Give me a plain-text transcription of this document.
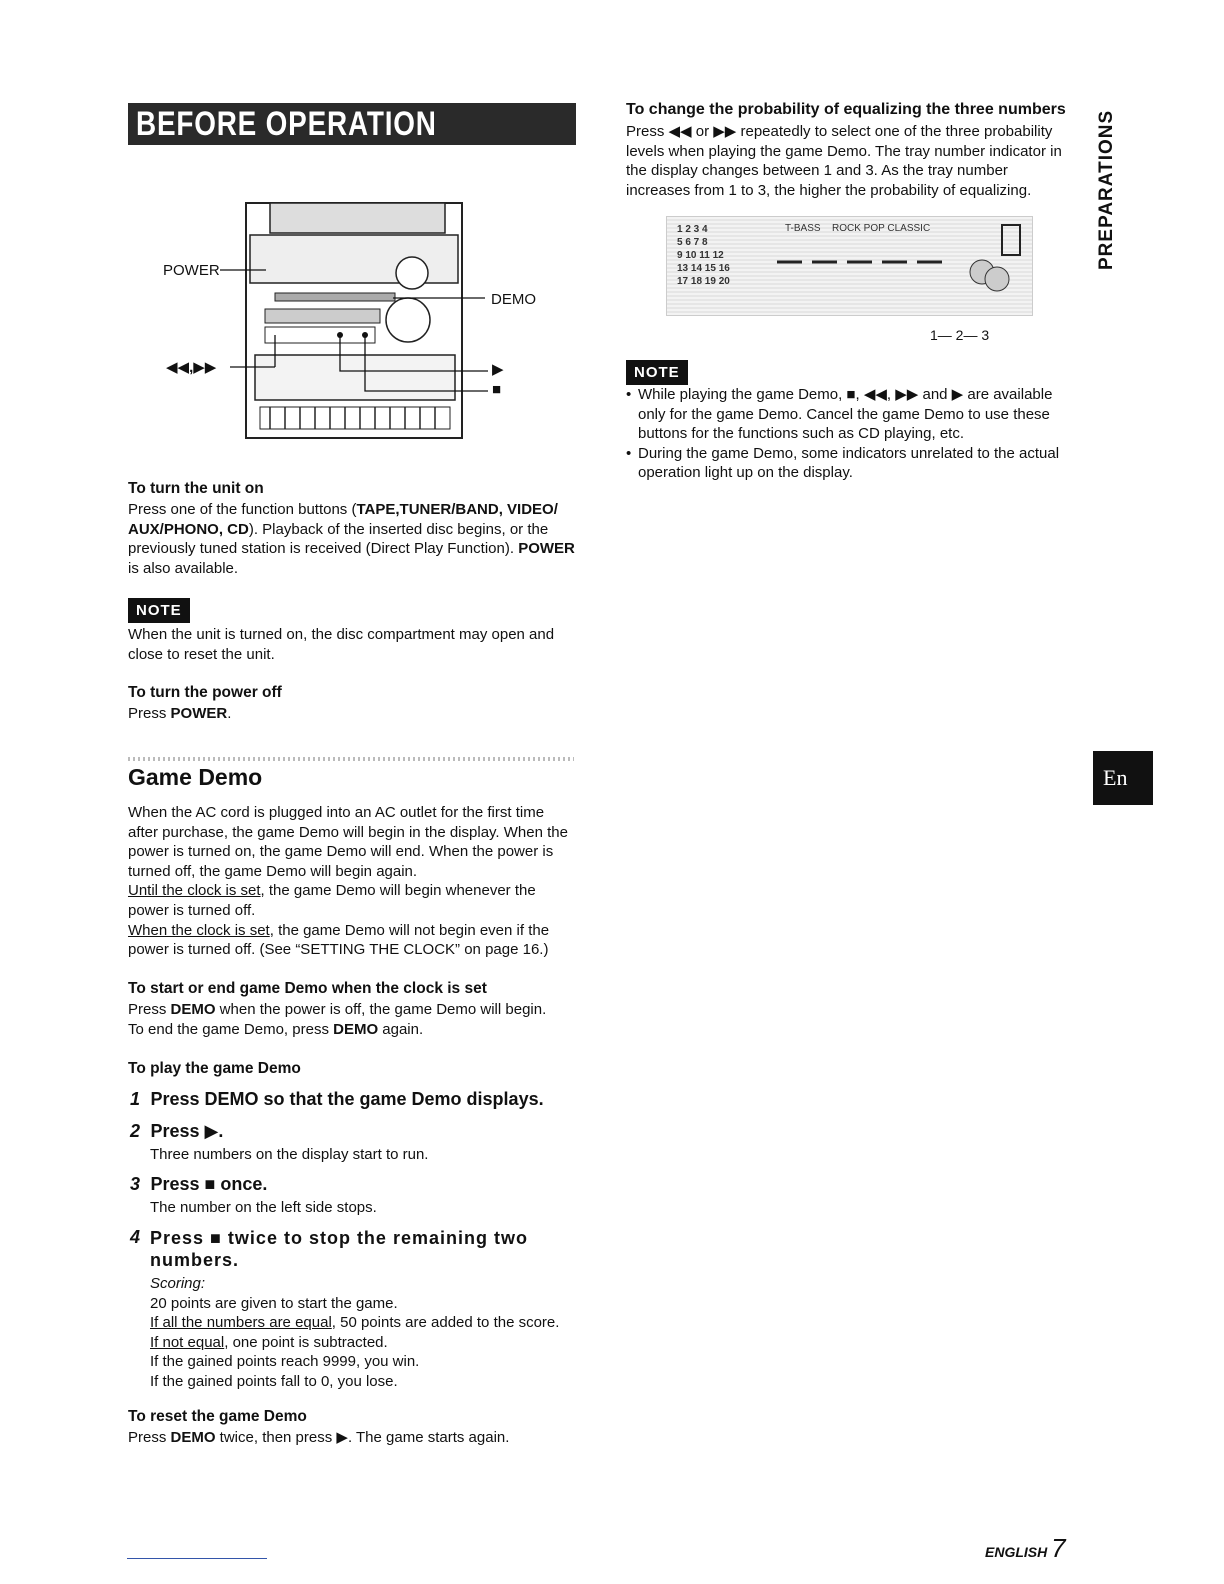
BEFORE OPERATION	PREPARATIONS
En
POWER
DEMO
◀◀,▶▶	▶
■
To turn the unit on
Press one of the function buttons (TAPE,TUNER/BAND, VIDEO/ AUX/PHONO, CD). Playback of the inserted disc begins, or the previously tuned station is received (Direct Play Function). POWER is also available.
NOTE
When the unit is turned on, the disc compartment may open and close to reset the unit.
To turn the power off
Press POWER.
Game Demo
When the AC cord is plugged into an AC outlet for the first time after purchase, the game Demo will begin in the display. When the power is turned on, the game Demo will end. When the power is turned off, the game Demo will begin again.
Until the clock is set, the game Demo will begin whenever the power is turned off.
When the clock is set, the game Demo will not begin even if the power is turned off. (See “SETTING THE CLOCK” on page 16.)
To start or end game Demo when the clock is set
Press DEMO when the power is off, the game Demo will begin.
To end the game Demo, press DEMO again.
To play the game Demo
1 Press DEMO so that the game Demo displays.
2 Press ▶.
Three numbers on the display start to run.
3 Press ■ once.
The number on the left side stops.
4 Press ■ twice to stop the remaining two numbers.
Scoring:
20 points are given to start the game.
If all the numbers are equal, 50 points are added to the score.
If not equal, one point is subtracted.
If the gained points reach 9999, you win.
If the gained points fall to 0, you lose.
To reset the game Demo
Press DEMO twice, then press ▶. The game starts again.
To change the probability of equalizing the three numbers
Press ◀◀ or ▶▶ repeatedly to select one of the three probability levels when playing the game Demo. The tray number indicator in the display changes between 1 and 3. As the tray number increases from 1 to 3, the higher the probability of equalizing.
1 2 3 4
5 6 7 8
9 10 11 12
13 14 15 16
17 18 19 20
T-BASS ROCK POP CLASSIC
1— 2— 3
NOTE
• While playing the game Demo, ■, ◀◀, ▶▶ and ▶ are available only for the game Demo. Cancel the game Demo to use these buttons for the functions such as CD playing, etc.
• During the game Demo, some indicators unrelated to the actual operation light up on the display.
ENGLISH 7
